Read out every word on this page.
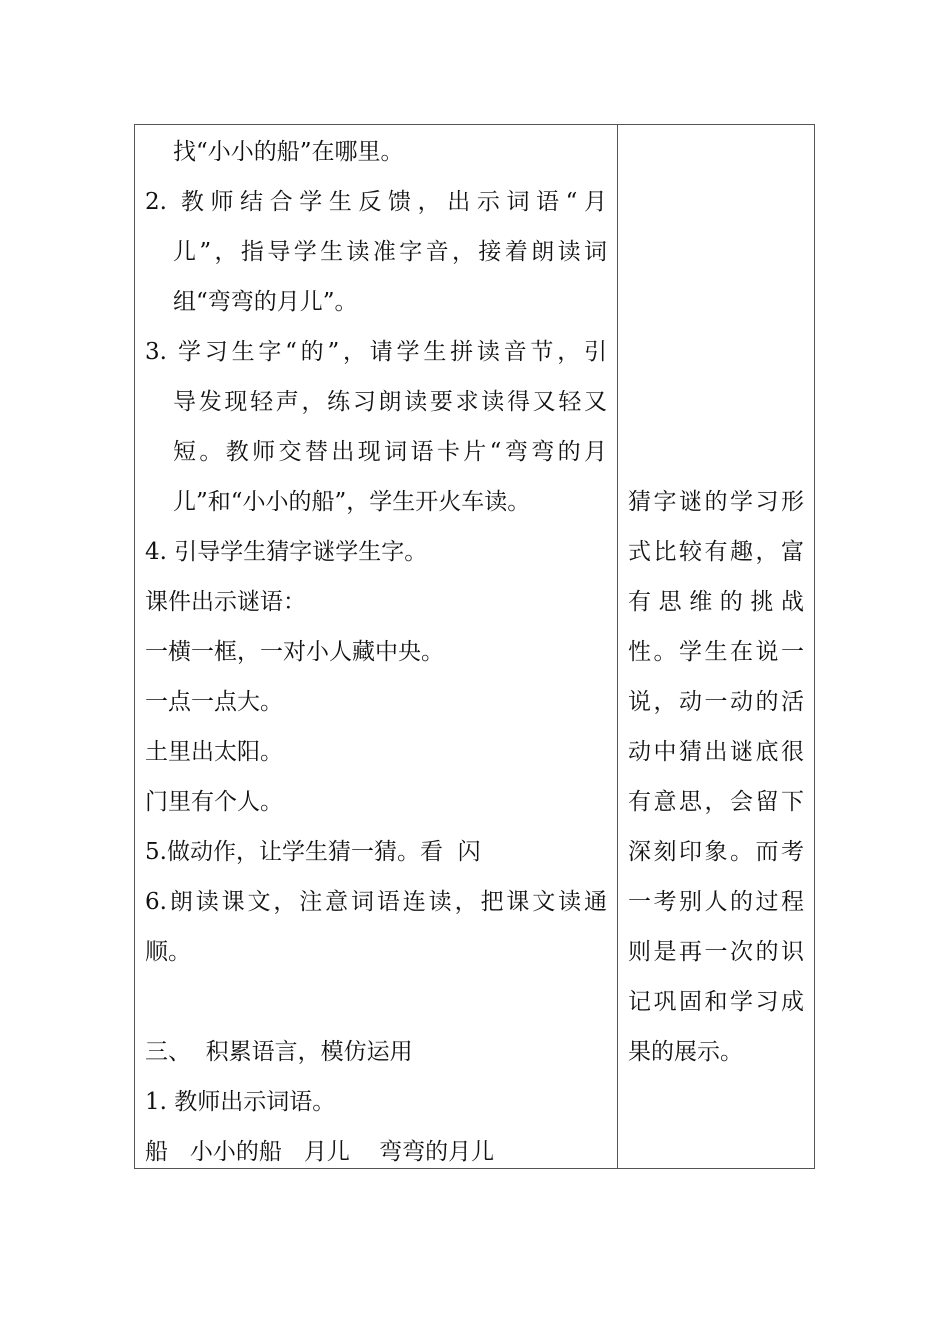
找“小小的船”在哪里。
2. 教师结合学生反馈，出示词语“月
儿”，指导学生读准字音，接着朗读词
组“弯弯的月儿”。
3. 学习生字“的”，请学生拼读音节，引
导发现轻声，练习朗读要求读得又轻又
短。教师交替出现词语卡片“弯弯的月
儿”和“小小的船”，学生开火车读。
4. 引导学生猜字谜学生字。
课件出示谜语：
一横一框，一对小人藏中央。
一点一点大。
土里出太阳。
门里有个人。
5.做动作，让学生猜一猜。看  闪
6.朗读课文，注意词语连读，把课文读通
顺。
三、  积累语言，模仿运用
1. 教师出示词语。
船   小小的船   月儿    弯弯的月儿
猜字谜的学习形
式比较有趣，富
有思维的挑战
性。学生在说一
说，动一动的活
动中猜出谜底很
有意思，会留下
深刻印象。而考
一考别人的过程
则是再一次的识
记巩固和学习成
果的展示。
